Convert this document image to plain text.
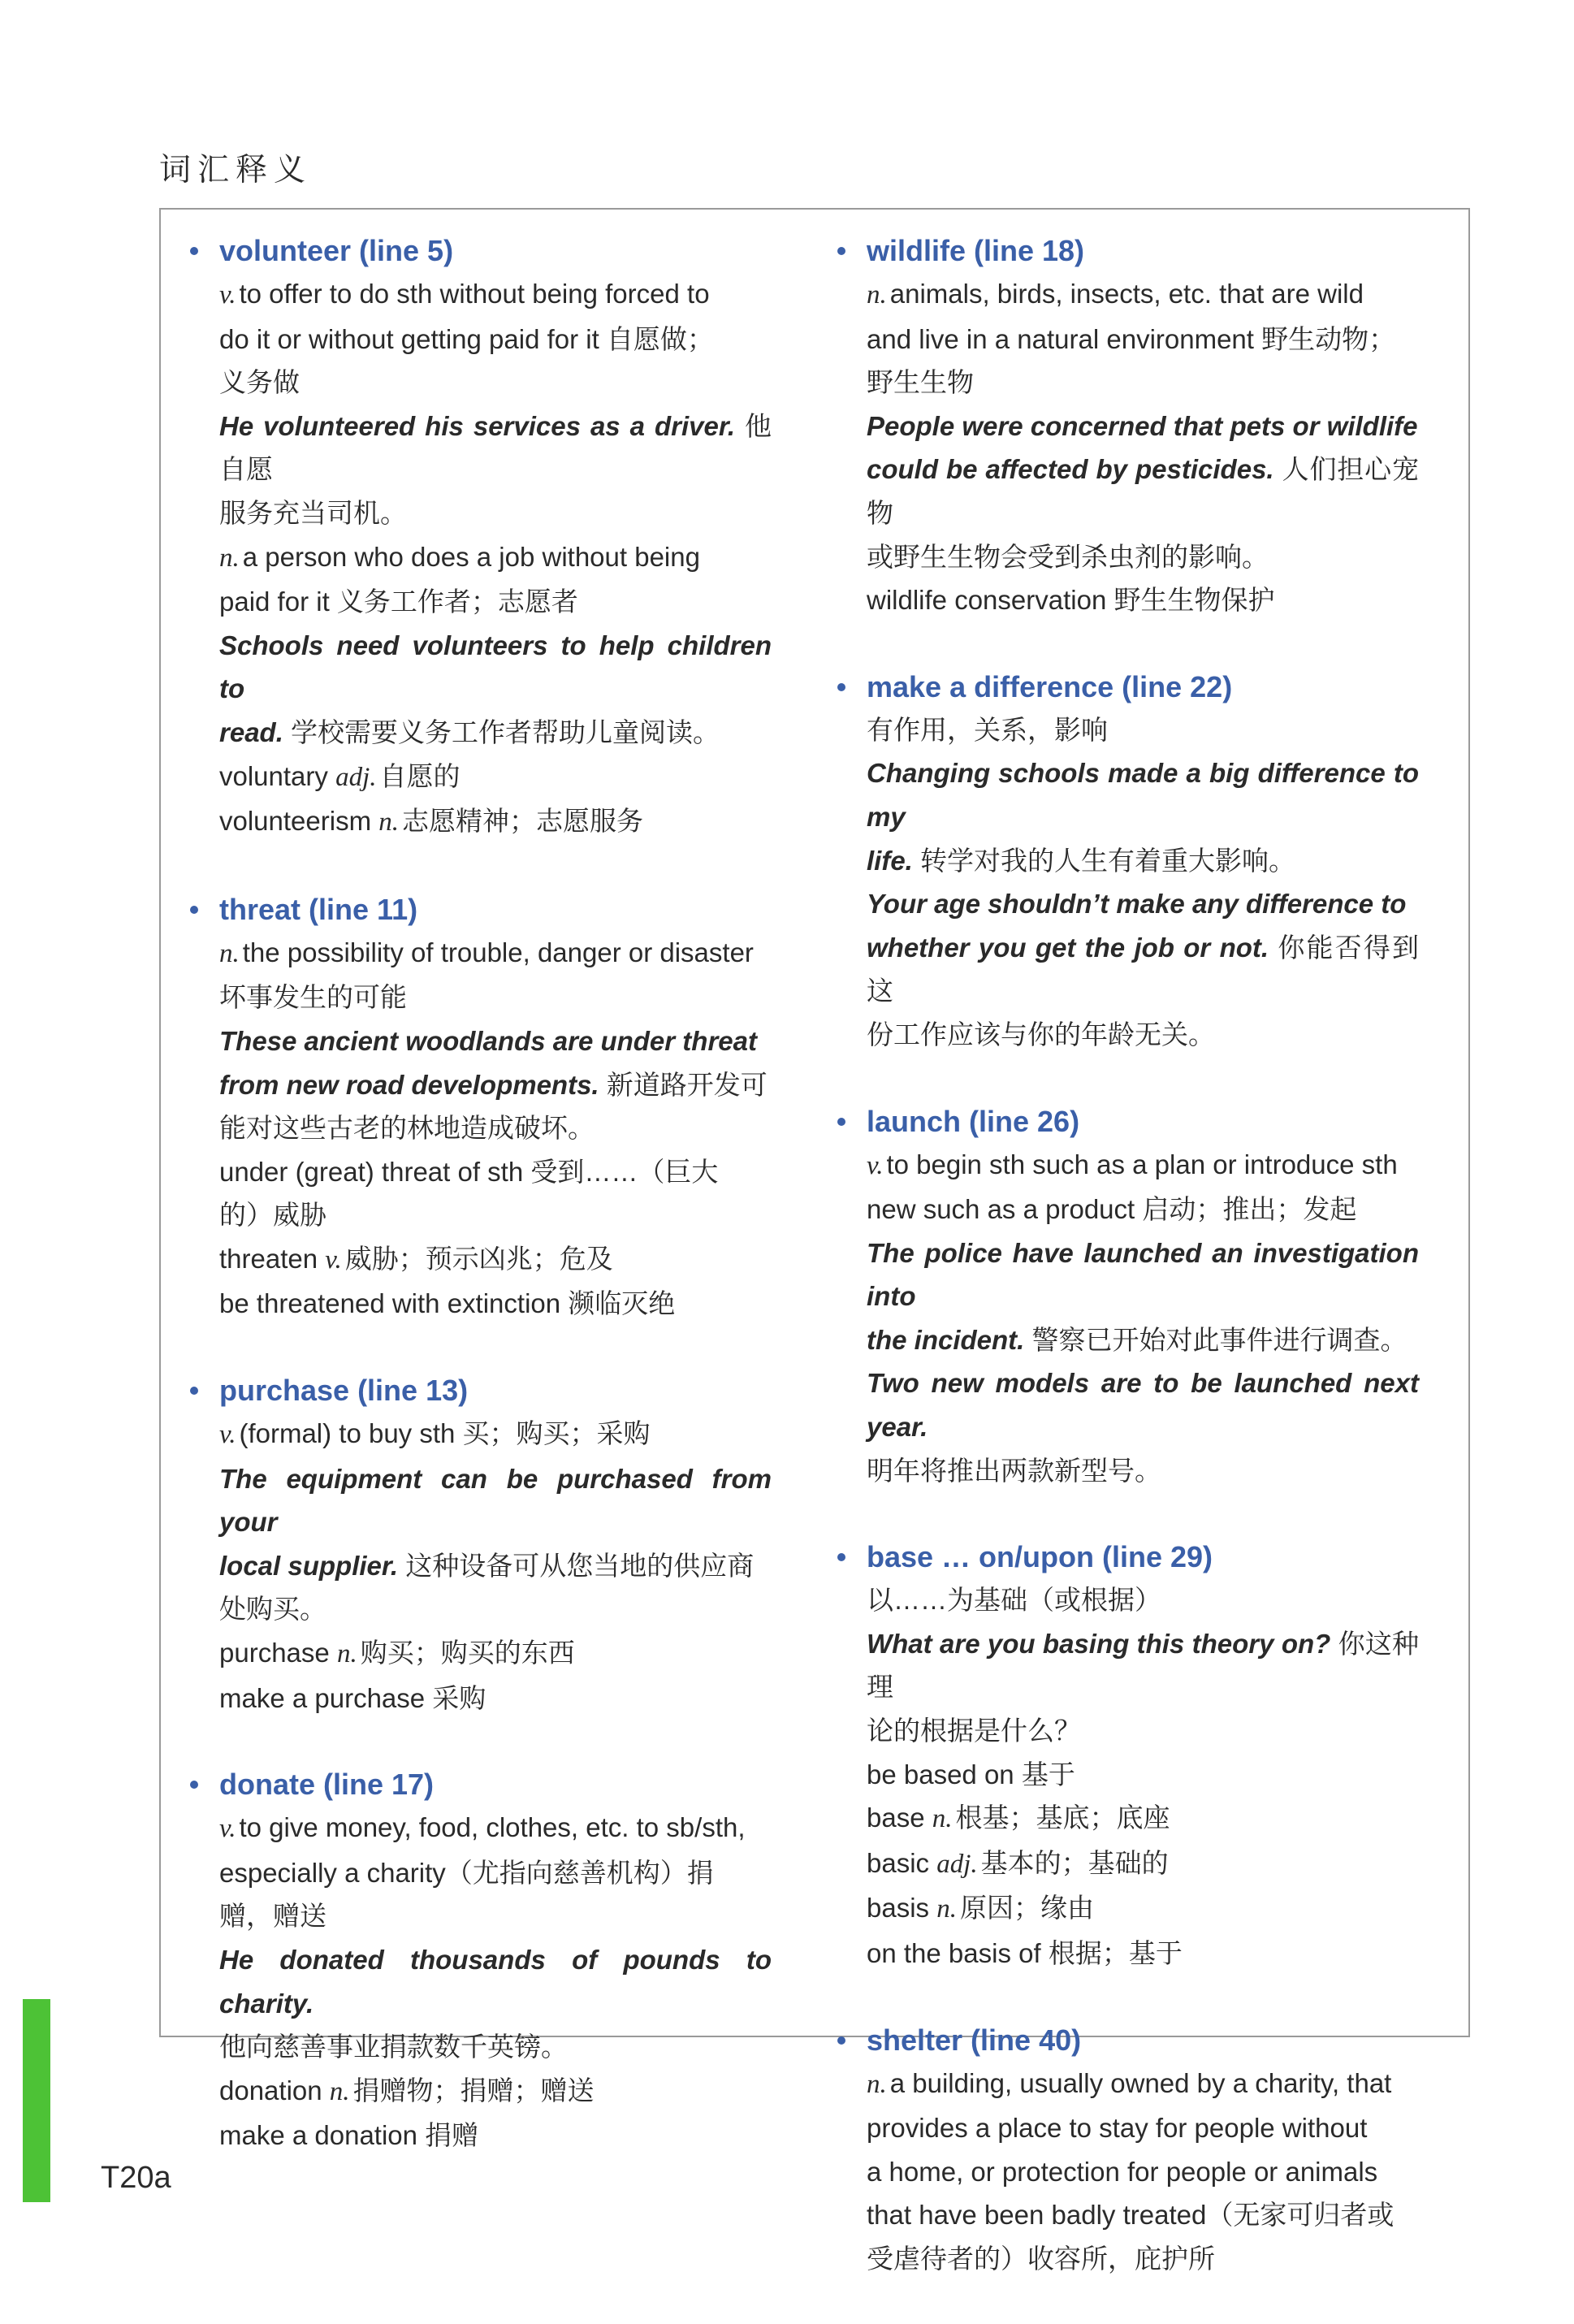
词汇释义
volunteer (line 5)
v. to offer to do sth without being forced to
do it or without getting paid for it 自愿做；
义务做
He volunteered his services as a driver. 他自愿
服务充当司机。
n. a person who does a job without being
paid for it 义务工作者；志愿者
Schools need volunteers to help children to
read. 学校需要义务工作者帮助儿童阅读。
voluntary adj. 自愿的
volunteerism n. 志愿精神；志愿服务
threat (line 11)
n. the possibility of trouble, danger or disaster
坏事发生的可能
These ancient woodlands are under threat
from new road developments. 新道路开发可
能对这些古老的林地造成破坏。
under (great) threat of sth 受到……（巨大
的）威胁
threaten v. 威胁；预示凶兆；危及
be threatened with extinction 濒临灭绝
purchase (line 13)
v. (formal) to buy sth 买；购买；采购
The equipment can be purchased from your
local supplier. 这种设备可从您当地的供应商
处购买。
purchase n. 购买；购买的东西
make a purchase 采购
donate (line 17)
v. to give money, food, clothes, etc. to sb/sth,
especially a charity（尤指向慈善机构）捐
赠，赠送
He donated thousands of pounds to charity.
他向慈善事业捐款数千英镑。
donation n. 捐赠物；捐赠；赠送
make a donation 捐赠
wildlife (line 18)
n. animals, birds, insects, etc. that are wild
and live in a natural environment 野生动物；
野生生物
People were concerned that pets or wildlife
could be affected by pesticides. 人们担心宠物
或野生生物会受到杀虫剂的影响。
wildlife conservation 野生生物保护
make a difference (line 22)
有作用，关系，影响
Changing schools made a big difference to my
life. 转学对我的人生有着重大影响。
Your age shouldn’t make any difference to
whether you get the job or not. 你能否得到这
份工作应该与你的年龄无关。
launch (line 26)
v. to begin sth such as a plan or introduce sth
new such as a product 启动；推出；发起
The police have launched an investigation into
the incident. 警察已开始对此事件进行调查。
Two new models are to be launched next year.
明年将推出两款新型号。
base … on/upon (line 29)
以……为基础（或根据）
What are you basing this theory on? 你这种理
论的根据是什么？
be based on 基于
base n. 根基；基底；底座
basic adj. 基本的；基础的
basis n. 原因；缘由
on the basis of 根据；基于
shelter (line 40)
n. a building, usually owned by a charity, that
provides a place to stay for people without
a home, or protection for people or animals
that have been badly treated（无家可归者或
受虐待者的）收容所，庇护所
T20a
